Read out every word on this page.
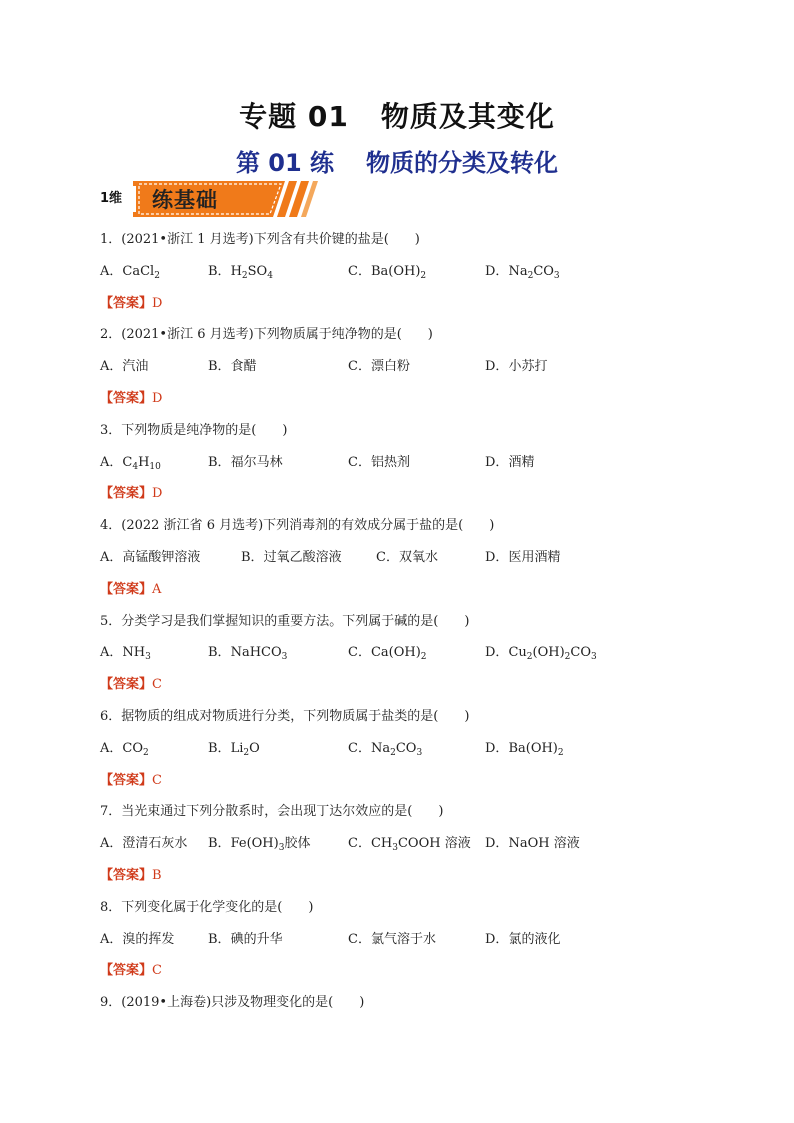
专题 01 物质及其变化
第 01 练 物质的分类及转化
1维	练基础
1．(2021•浙江 1 月选考)下列含有共价键的盐是(　　)
A．CaCl$_2$	B．$H_2SO_4$	C．$Ba(OH)_2$	D．$Na_2CO_3$
【答案】D
2．(2021•浙江 6 月选考)下列物质属于纯净物的是(　　)
A．汽油	B．食醋	C．漂白粉	D．小苏打
【答案】D
3．下列物质是纯净物的是(　　)
A．$C_4H_{10}$	B．福尔马林	C．铝热剂	D．酒精
【答案】D
4．(2022 浙江省 6 月选考)下列消毒剂的有效成分属于盐的是(　　)
A．高锰酸钾溶液	B．过氧乙酸溶液	C．双氧水	D．医用酒精
【答案】A
5．分类学习是我们掌握知识的重要方法。下列属于碱的是(　　)
A．$NH_3$	B．NaHCO$_3$	C．$Ca(OH)_2$	D．$Cu_2(OH)_2CO_3$
【答案】C
6．据物质的组成对物质进行分类，下列物质属于盐类的是(　　)
A．$CO_2$	B．$Li_2O$	C．$Na_2CO_3$	D．$Ba(OH)_2$
【答案】C
7．当光束通过下列分散系时，会出现丁达尔效应的是(　　)
A．澄清石灰水 B．$Fe(OH)_3$胶体	C．$CH_3COOH$ 溶液 D．NaOH 溶液
【答案】B
8．下列变化属于化学变化的是(　　)
A．溴的挥发	B．碘的升华	C．氯气溶于水	D．氯的液化
【答案】C
9．(2019•上海卷)只涉及物理变化的是(　　)
